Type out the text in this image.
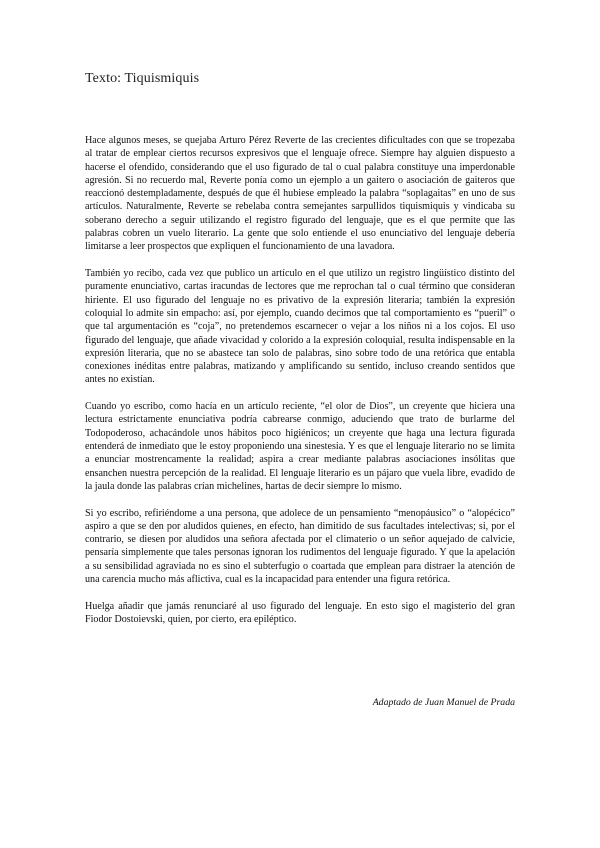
Texto: Tiquismiquis

Hace algunos meses, se quejaba Arturo Pérez Reverte de las crecientes dificultades con que se tropezaba al tratar de emplear ciertos recursos expresivos que el lenguaje ofrece. Siempre hay alguien dispuesto a hacerse el ofendido, considerando que el uso figurado de tal o cual palabra constituye una imperdonable agresión. Si no recuerdo mal, Reverte ponía como un ejemplo a un gaitero o asociación de gaiteros que reaccionó destempladamente, después de que él hubiese empleado la palabra “soplagaitas” en uno de sus artículos. Naturalmente, Reverte se rebelaba contra semejantes sarpullidos tiquismiquis y vindicaba su soberano derecho a seguir utilizando el registro figurado del lenguaje, que es el que permite que las palabras cobren un vuelo literario. La gente que solo entiende el uso enunciativo del lenguaje debería limitarse a leer prospectos que expliquen el funcionamiento de una lavadora.

También yo recibo, cada vez que publico un artículo en el que utilizo un registro lingüístico distinto del puramente enunciativo, cartas iracundas de lectores que me reprochan tal o cual término que consideran hiriente. El uso figurado del lenguaje no es privativo de la expresión literaria; también la expresión coloquial lo admite sin empacho: así, por ejemplo, cuando decimos que tal comportamiento es “pueril” o que tal argumentación es “coja”, no pretendemos escarnecer o vejar a los niños ni a los cojos. El uso figurado del lenguaje, que añade vivacidad y colorido a la expresión coloquial, resulta indispensable en la expresión literaria, que no se abastece tan solo de palabras, sino sobre todo de una retórica que entabla conexiones inéditas entre palabras, matizando y amplificando su sentido, incluso creando sentidos que antes no existían.

Cuando yo escribo, como hacía en un artículo reciente, “el olor de Dios”, un creyente que hiciera una lectura estrictamente enunciativa podría cabrearse conmigo, aduciendo que trato de burlarme del Todopoderoso, achacándole unos hábitos poco higiénicos; un creyente que haga una lectura figurada entenderá de inmediato que le estoy proponiendo una sinestesia. Y es que el lenguaje literario no se limita a enunciar mostrencamente la realidad; aspira a crear mediante palabras asociaciones insólitas que ensanchen nuestra percepción de la realidad. El lenguaje literario es un pájaro que vuela libre, evadido de la jaula donde las palabras crían michelines, hartas de decir siempre lo mismo.

Si yo escribo, refiriéndome a una persona, que adolece de un pensamiento “menopáusico” o “alopécico” aspiro a que se den por aludidos quienes, en efecto, han dimitido de sus facultades intelectivas; si, por el contrario, se diesen por aludidos una señora afectada por el climaterio o un señor aquejado de calvicie, pensaría simplemente que tales personas ignoran los rudimentos del lenguaje figurado. Y que la apelación a su sensibilidad agraviada no es sino el subterfugio o coartada que emplean para distraer la atención de una carencia mucho más aflictiva, cual es la incapacidad para entender una figura retórica.

Huelga añadir que jamás renunciaré al uso figurado del lenguaje. En esto sigo el magisterio del gran Fiodor Dostoievski, quien, por cierto, era epiléptico.

Adaptado de Juan Manuel de Prada
